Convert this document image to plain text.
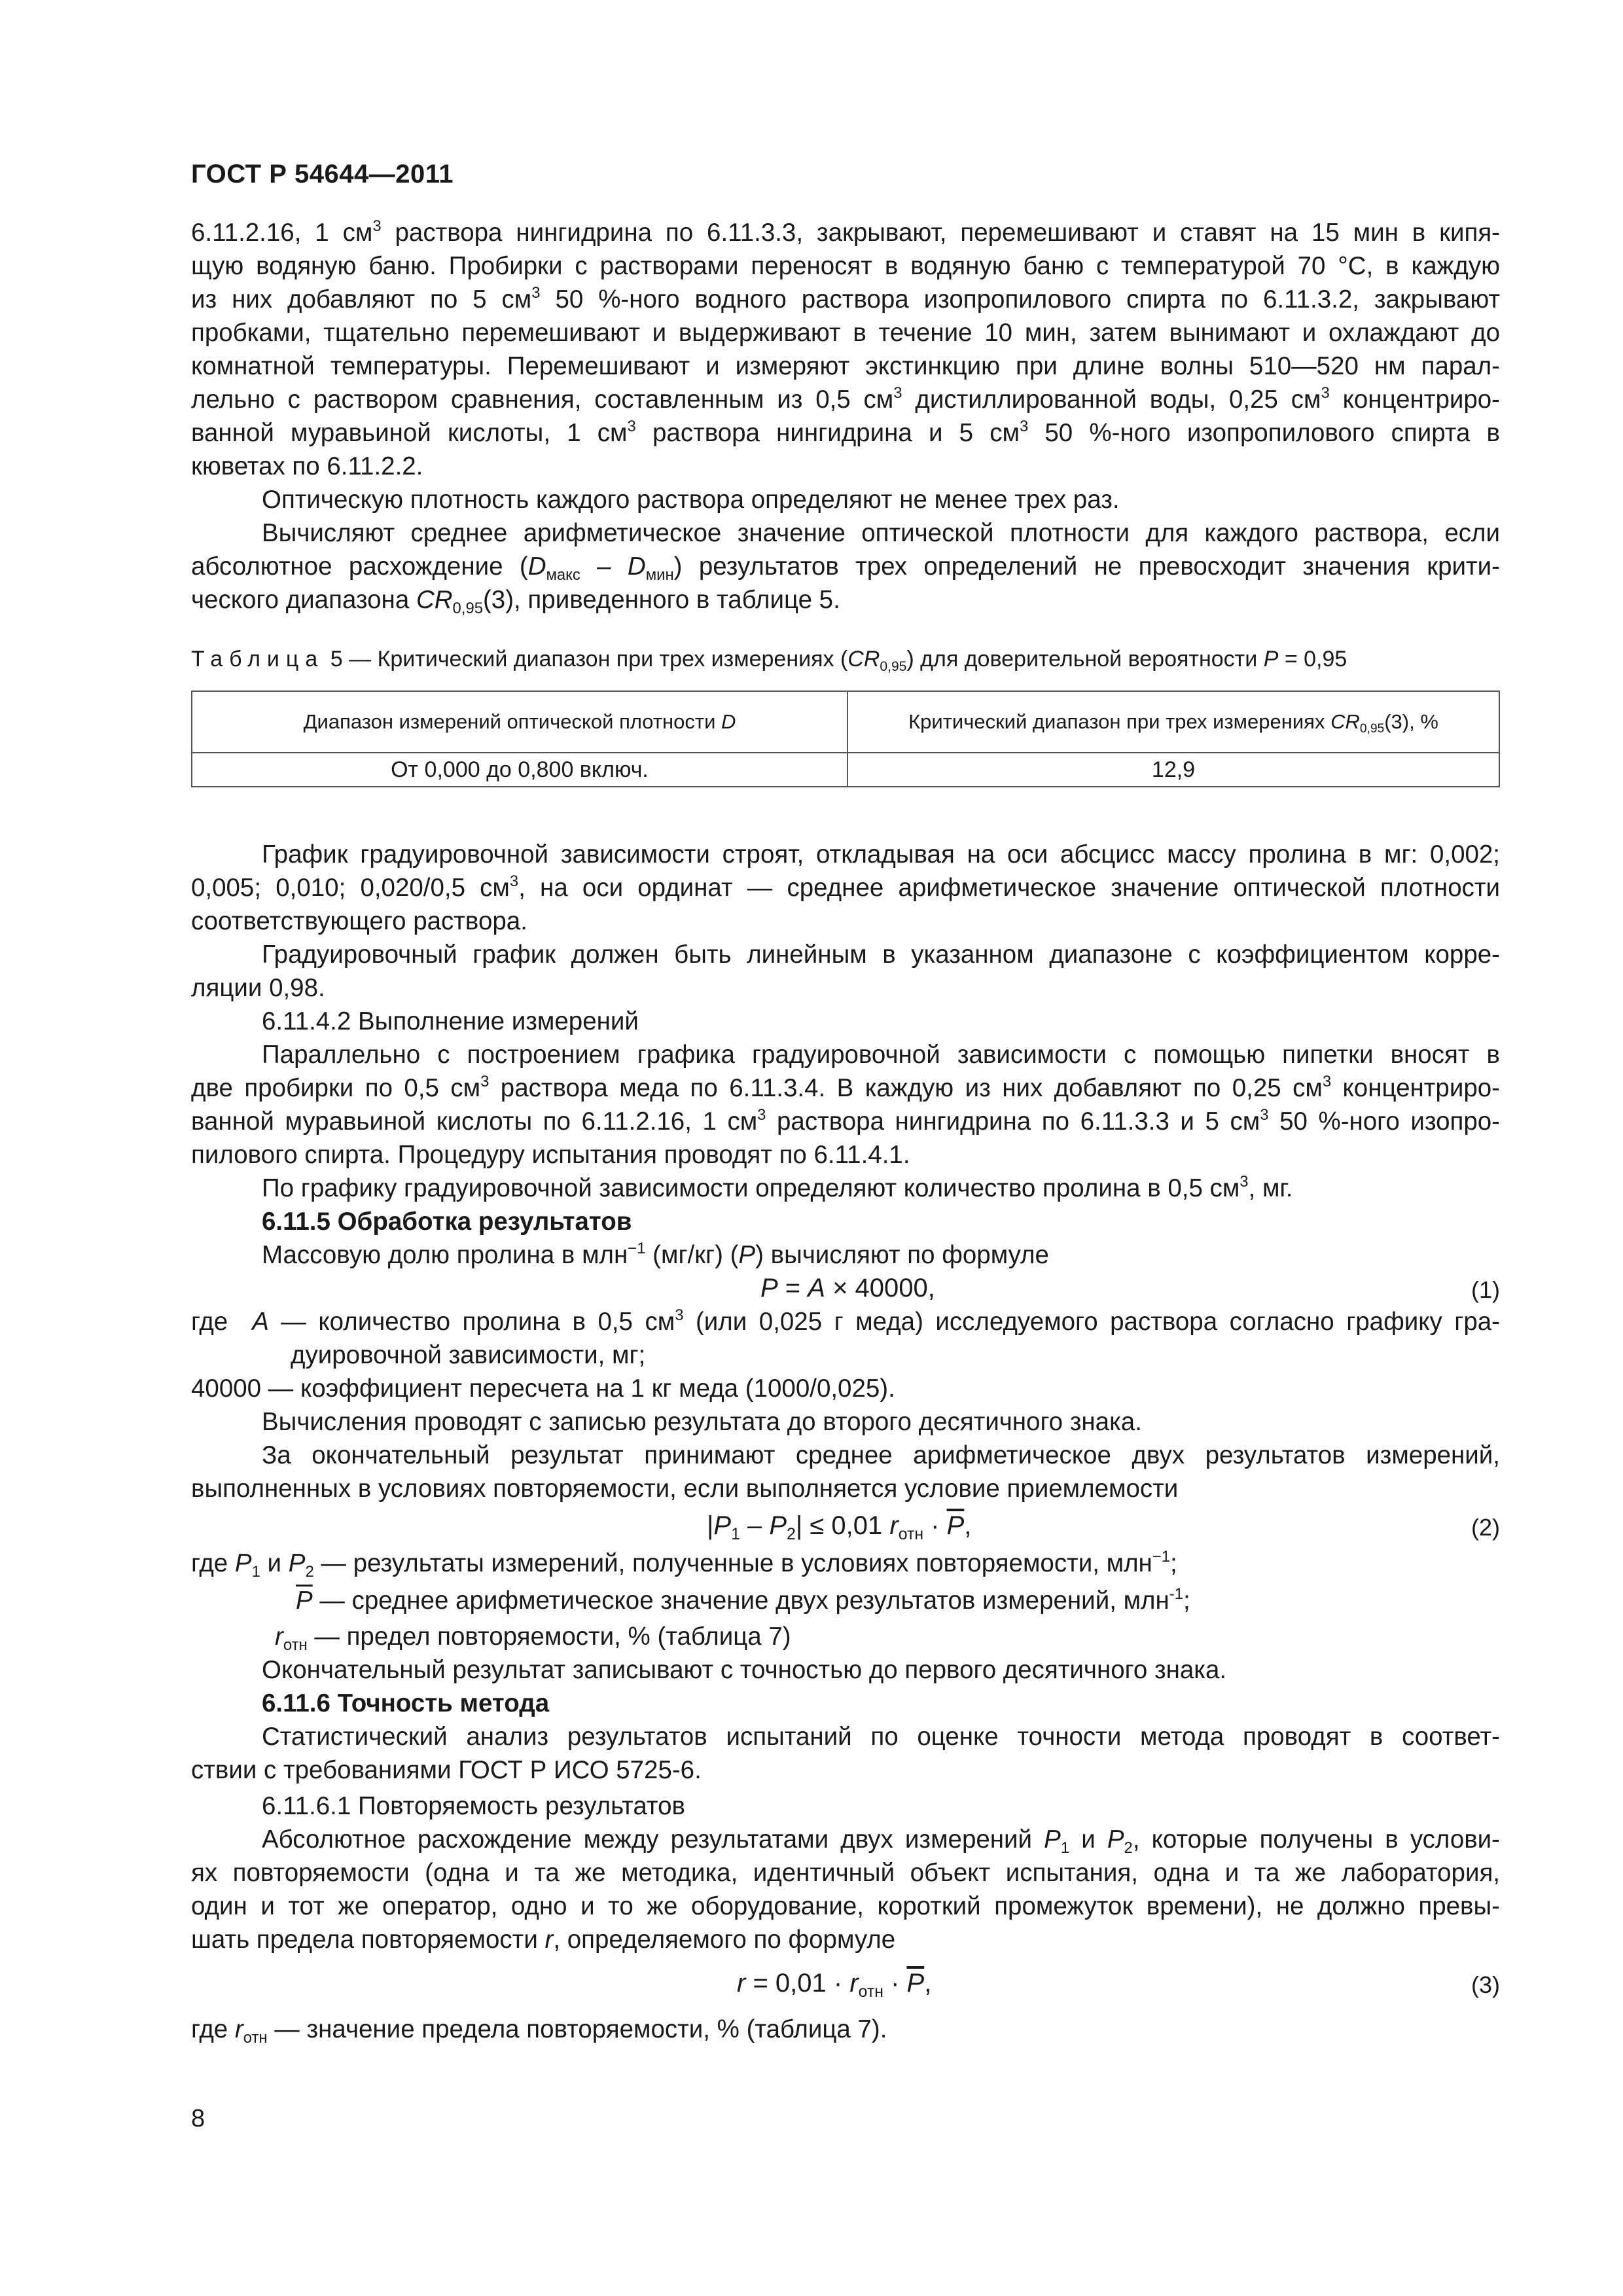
ГОСТ Р 54644—2011
6.11.2.16, 1 $см^3$ раствора нингидрина по 6.11.3.3, закрывают, перемешивают и ставят на 15 мин в кипя-
щую водяную баню. Пробирки с растворами переносят в водяную баню с температурой 70 °С, в каждую
из них добавляют по 5 $см^3$ 50 %-ного водного раствора изопропилового спирта по 6.11.3.2, закрывают
пробками, тщательно перемешивают и выдерживают в течение 10 мин, затем вынимают и охлаждают до
комнатной температуры. Перемешивают и измеряют экстинкцию при длине волны 510—520 нм парал-
лельно с раствором сравнения, составленным из 0,5 $см^3$ дистиллированной воды, 0,25 $см^3$ концентриро-
ванной муравьиной кислоты, 1 $см^3$ раствора нингидрина и 5 $см^3$ 50 %-ного изопропилового спирта в
кюветах по 6.11.2.2.
Оптическую плотность каждого раствора определяют не менее трех раз.
Вычисляют среднее арифметическое значение оптической плотности для каждого раствора, если
абсолютное расхождение $(D_{макс} - D_{мин})$ результатов трех определений не превосходит значения крити-
ческого диапазона $CR_{0,95}(3)$, приведенного в таблице 5.
Таблица 5 — Критический диапазон при трех измерениях $(CR_{0,95})$ для доверительной вероятности P = 0,95
Диапазон измерений оптической плотности D	Критический диапазон при трех измерениях $CR_{0,95}(3)$, %
От 0,000 до 0,800 включ.	12,9
График градуировочной зависимости строят, откладывая на оси абсцисс массу пролина в мг: 0,002;
0,005; 0,010; 0,020/0,5 $см^3$, на оси ординат — среднее арифметическое значение оптической плотности
соответствующего раствора.
Градуировочный график должен быть линейным в указанном диапазоне с коэффициентом корре-
ляции 0,98.
6.11.4.2 Выполнение измерений
Параллельно с построением графика градуировочной зависимости с помощью пипетки вносят в
две пробирки по 0,5 $см^3$ раствора меда по 6.11.3.4. В каждую из них добавляют по 0,25 $см^3$ концентриро-
ванной муравьиной кислоты по 6.11.2.16, 1 $см^3$ раствора нингидрина по 6.11.3.3 и 5 $см^3$ 50 %-ного изопро-
пилового спирта. Процедуру испытания проводят по 6.11.4.1.
По графику градуировочной зависимости определяют количество пролина в 0,5 $см^3$, мг.
6.11.5 Обработка результатов
Массовую долю пролина в млн$^{-1}$ (мг/кг) (P) вычисляют по формуле
P = A × 40000,	(1)
где  A — количество пролина в 0,5 $см^3$ (или 0,025 г меда) исследуемого раствора согласно графику гра-
дуировочной зависимости, мг;
40000 — коэффициент пересчета на 1 кг меда (1000/0,025).
Вычисления проводят с записью результата до второго десятичного знака.
За окончательный результат принимают среднее арифметическое двух результатов измерений,
выполненных в условиях повторяемости, если выполняется условие приемлемости
$|P_1 - P_2| \le 0,01$ $r_{отн} \cdot \overline{P}$,	(2)
где $P_1$ и $P_2$ — результаты измерений, полученные в условиях повторяемости, млн$^{-1}$;
$\overline{P}$ — среднее арифметическое значение двух результатов измерений, млн$^{-1}$;
$r_{отн}$ — предел повторяемости, % (таблица 7)
Окончательный результат записывают с точностью до первого десятичного знака.
6.11.6 Точность метода
Статистический анализ результатов испытаний по оценке точности метода проводят в соответ-
ствии с требованиями ГОСТ Р ИСО 5725-6.
6.11.6.1 Повторяемость результатов
Абсолютное расхождение между результатами двух измерений $P_1$ и $P_2$, которые получены в услови-
ях повторяемости (одна и та же методика, идентичный объект испытания, одна и та же лаборатория,
один и тот же оператор, одно и то же оборудование, короткий промежуток времени), не должно превы-
шать предела повторяемости r, определяемого по формуле
$r = 0,01 \cdot r_{отн} \cdot \overline{P}$,	(3)
где $r_{отн}$ — значение предела повторяемости, % (таблица 7).
8
